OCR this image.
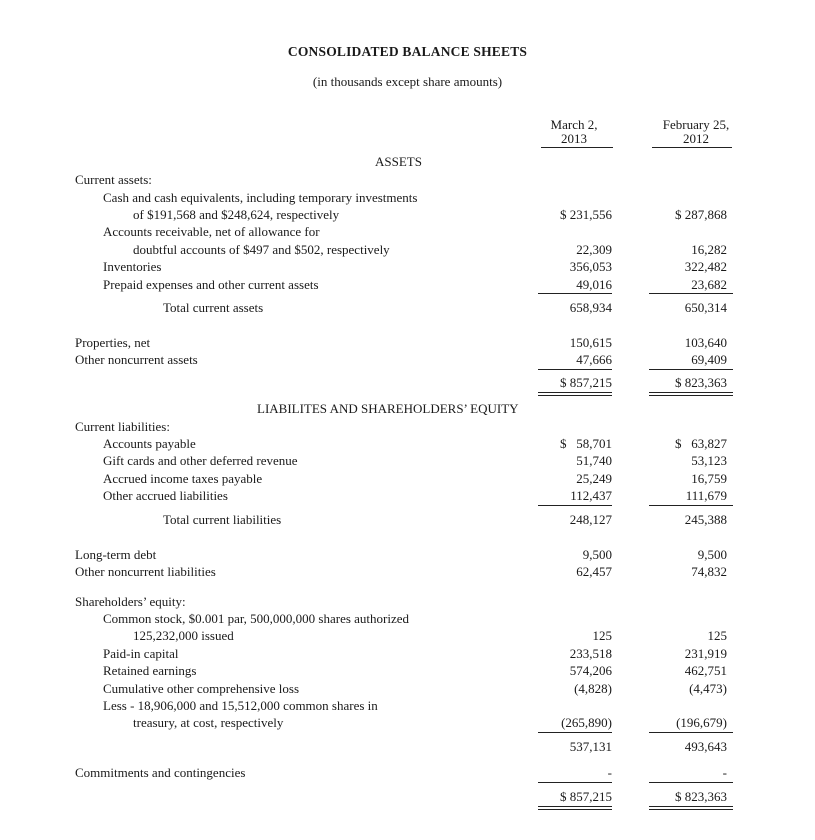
CONSOLIDATED BALANCE SHEETS
(in thousands except share amounts)
March 2,
2013
February 25,
2012
ASSETS
Current assets:
Cash and cash equivalents, including temporary investments
of $191,568 and $248,624, respectively	$ 231,556	$ 287,868
Accounts receivable, net of allowance for
doubtful accounts of $497 and $502, respectively	22,309	16,282
Inventories	356,053	322,482
Prepaid expenses and other current assets	49,016	23,682
Total current assets	658,934	650,314
Properties, net	150,615	103,640
Other noncurrent assets	47,666	69,409
$ 857,215	$ 823,363
LIABILITES AND SHAREHOLDERS’ EQUITY
Current liabilities:
Accounts payable	$   58,701	$   63,827
Gift cards and other deferred revenue	51,740	53,123
Accrued income taxes payable	25,249	16,759
Other accrued liabilities	112,437	111,679
Total current liabilities	248,127	245,388
Long-term debt	9,500	9,500
Other noncurrent liabilities	62,457	74,832
Shareholders’ equity:
Common stock, $0.001 par, 500,000,000 shares authorized
125,232,000 issued	125	125
Paid-in capital	233,518	231,919
Retained earnings	574,206	462,751
Cumulative other comprehensive loss	(4,828)	(4,473)
Less - 18,906,000 and 15,512,000 common shares in
treasury, at cost, respectively	(265,890)	(196,679)
537,131	493,643
Commitments and contingencies	-	-
$ 857,215	$ 823,363
